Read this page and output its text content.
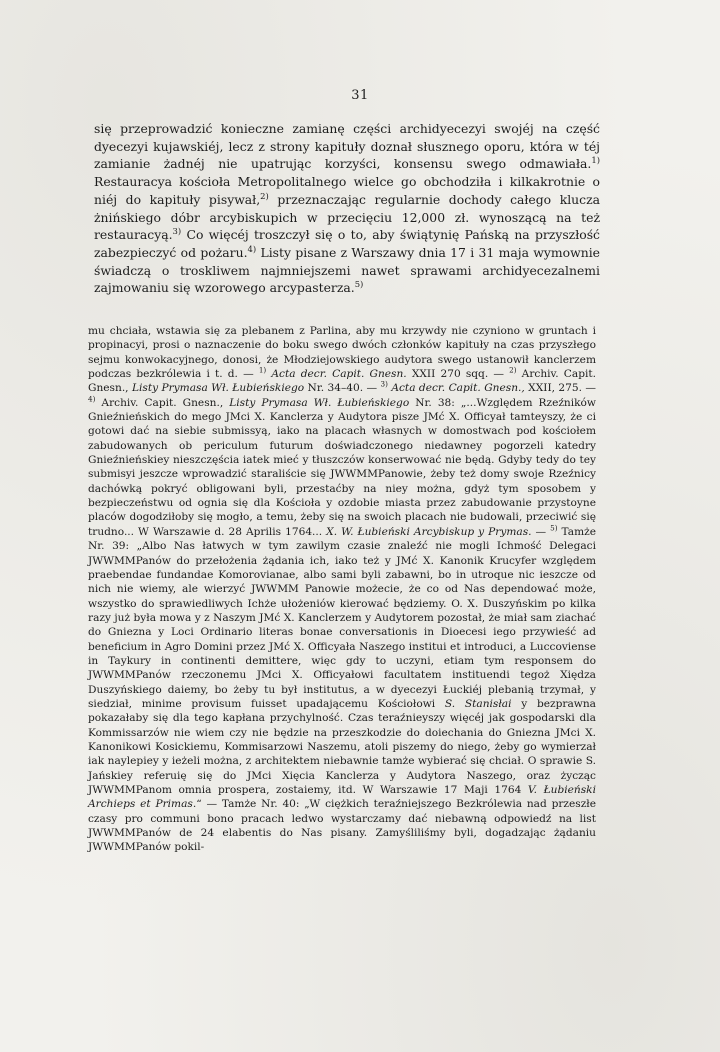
31

się przeprowadzić konieczne zamianę części archidyecezyi swojéj na część dyecezyi kujawskiéj, lecz z strony kapituły doznał słusznego oporu, która w téj zamianie żadnéj nie upatrując korzyści, konsensu swego odmawiała.$^{1)}$ Restauracya kościoła Metropolitalnego wielce go obchodziła i kilkakrotnie o niéj do kapituły pisywał,$^{2)}$ przeznaczając regularnie dochody całego klucza żnińskiego dóbr arcybiskupich w przecięciu 12,000 zł. wynoszącą na też restauracyą.$^{3)}$ Co więcéj troszczył się o to, aby świątynię Pańską na przyszłość zabezpieczyć od pożaru.$^{4)}$ Listy pisane z Warszawy dnia 17 i 31 maja wymownie świadczą o troskliwem najmniejszemi nawet sprawami archidyecezalnemi zajmowaniu się wzorowego arcypasterza.$^{5)}$

mu chciała, wstawia się za plebanem z Parlina, aby mu krzywdy nie czyniono w gruntach i propinacyi, prosi o naznaczenie do boku swego dwóch członków kapituły na czas przyszłego sejmu konwokacyjnego, donosi, że Młodziejowskiego audytora swego ustanowił kanclerzem podczas bezkrólewia i t. d. — $^{1)}$ Acta decr. Capit. Gnesn. XXII 270 sqq. — $^{2)}$ Archiv. Capit. Gnesn., Listy Prymasa Wł. Łubieńskiego Nr. 34–40. — $^{3)}$ Acta decr. Capit. Gnesn., XXII, 275. — $^{4)}$ Archiv. Capit. Gnesn., Listy Prymasa Wł. Łubieńskiego Nr. 38: „...Względem Rzeźników Gnieźnieńskich do mego JMci X. Kanclerza y Audytora pisze JMć X. Officyał tamteyszy, że ci gotowi dać na siebie submissyą, iako na placach własnych w domostwach pod kościołem zabudowanych ob periculum futurum doświadczonego niedawney pogorzeli katedry Gnieźnieńskiey nieszczęścia iatek mieć y tłuszczów konserwować nie będą. Gdyby tedy do tey submisyi jeszcze wprowadzić staraliście się JWWMMPanowie, żeby też domy swoje Rzeźnicy dachówką pokryć obligowani byli, przestaćby na niey można, gdyż tym sposobem y bezpieczeństwu od ognia się dla Kościoła y ozdobie miasta przez zabudowanie przystoyne placów dogodziłoby się mogło, a temu, żeby się na swoich placach nie budowali, przeciwić się trudno... W Warszawie d. 28 Aprilis 1764... X. W. Łubieński Arcybiskup y Prymas. — $^{5)}$ Tamże Nr. 39: „Albo Nas łatwych w tym zawilym czasie znaleźć nie mogli Ichmość Delegaci JWWMMPanów do przełożenia żądania ich, iako też y JMć X. Kanonik Krucyfer względem praebendae fundandae Komorovianae, albo sami byli zabawni, bo in utroque nic ieszcze od nich nie wiemy, ale wierzyć JWWMM Panowie możecie, że co od Nas dependować może, wszystko do sprawiedliwych Ichże ułożeniów kierować będziemy. O. X. Duszyńskim po kilka razy już była mowa y z Naszym JMć X. Kanclerzem y Audytorem pozostał, że miał sam ziachać do Gniezna y Loci Ordinario literas bonae conversationis in Dioecesi iego przywieść ad beneficium in Agro Domini przez JMć X. Officyała Naszego institui et introduci, a Luccoviense in Taykury in continenti demittere, więc gdy to uczyni, etiam tym responsem do JWWMMPanów rzeczonemu JMci X. Officyałowi facultatem instituendi tegoż Xiędza Duszyńskiego daiemy, bo żeby tu był institutus, a w dyecezyi Łuckiéj plebanią trzymał, y siedział, minime provisum fuisset upadającemu Kościołowi S. Stanisłai y bezprawna pokazałaby się dla tego kapłana przychylność. Czas teraźnieyszy więcéj jak gospodarski dla Kommissarzów nie wiem czy nie będzie na przeszkodzie do doiechania do Gniezna JMci X. Kanonikowi Kosickiemu, Kommisarzowi Naszemu, atoli piszemy do niego, żeby go wymierzał iak naylepiey y ieżeli można, z architektem niebawnie tamże wybierać się chciał. O sprawie S. Jańskiey referuię się do JMci Xięcia Kanclerza y Audytora Naszego, oraz życząc JWWMMPanom omnia prospera, zostaiemy, itd. W Warszawie 17 Maji 1764 V. Łubieński Archieps et Primas.“ — Tamże Nr. 40: „W ciężkich teraźniejszego Bezkrólewia nad przeszłe czasy pro communi bono pracach ledwo wystarczamy dać niebawną odpowiedź na list JWWMMPanów de 24 elabentis do Nas pisany. Zamyśliliśmy byli, dogadzając żądaniu JWWMMPanów pokil-
